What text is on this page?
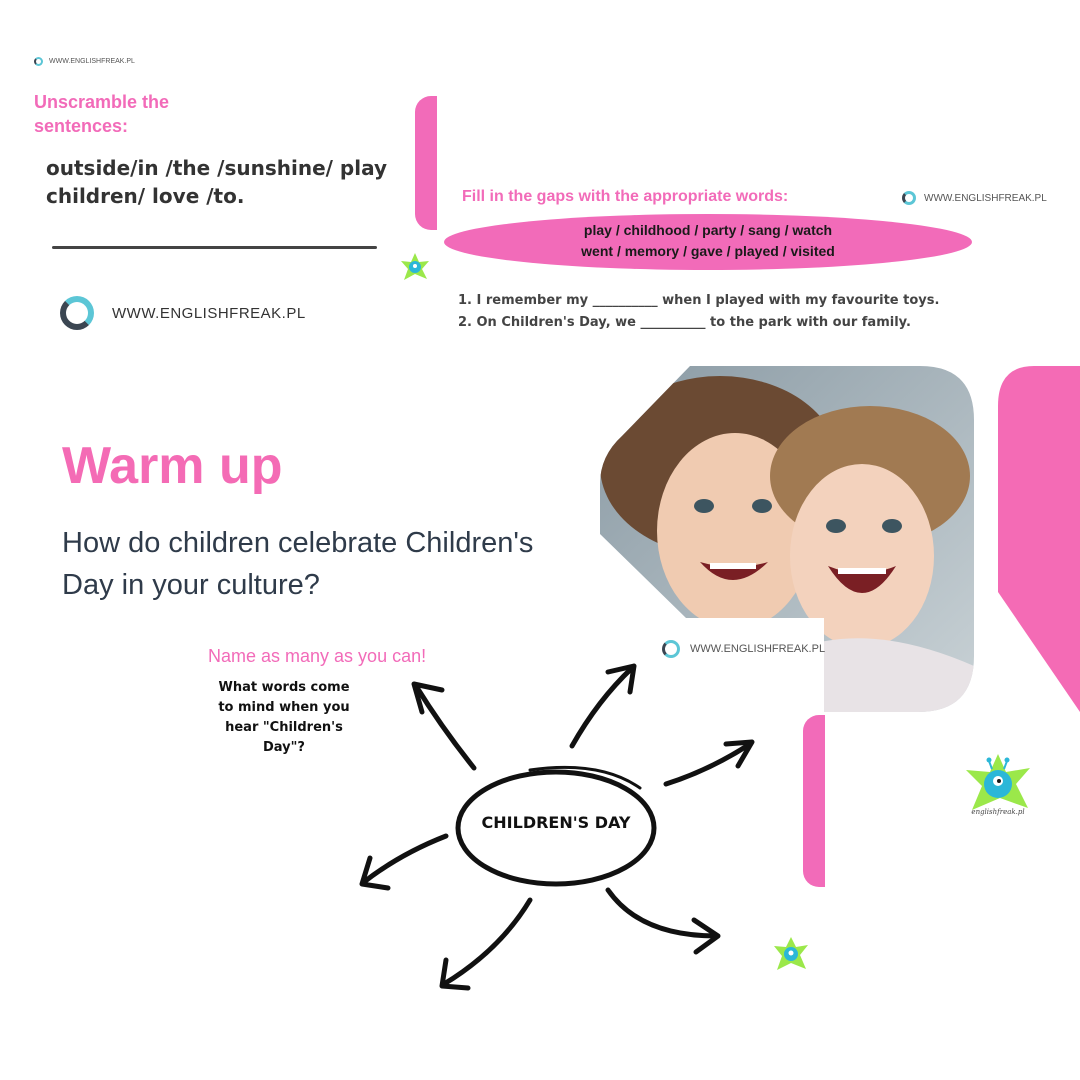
WWW.ENGLISHFREAK.PL
Unscramble the sentences:
outside/in /the /sunshine/ play children/ love /to.
WWW.ENGLISHFREAK.PL
Fill in the gaps with the appropriate words:	WWW.ENGLISHFREAK.PL
play / childhood / party / sang / watch
went / memory / gave / played / visited
1. I remember my __________ when I played with my favourite toys.
2. On Children's Day, we __________ to the park with our family.
Warm up
How do children celebrate Children's Day in your culture?
WWW.ENGLISHFREAK.PL
englishfreak.pl
Name as many as you can!
What words come to mind when you hear "Children's Day"?
CHILDREN'S DAY
